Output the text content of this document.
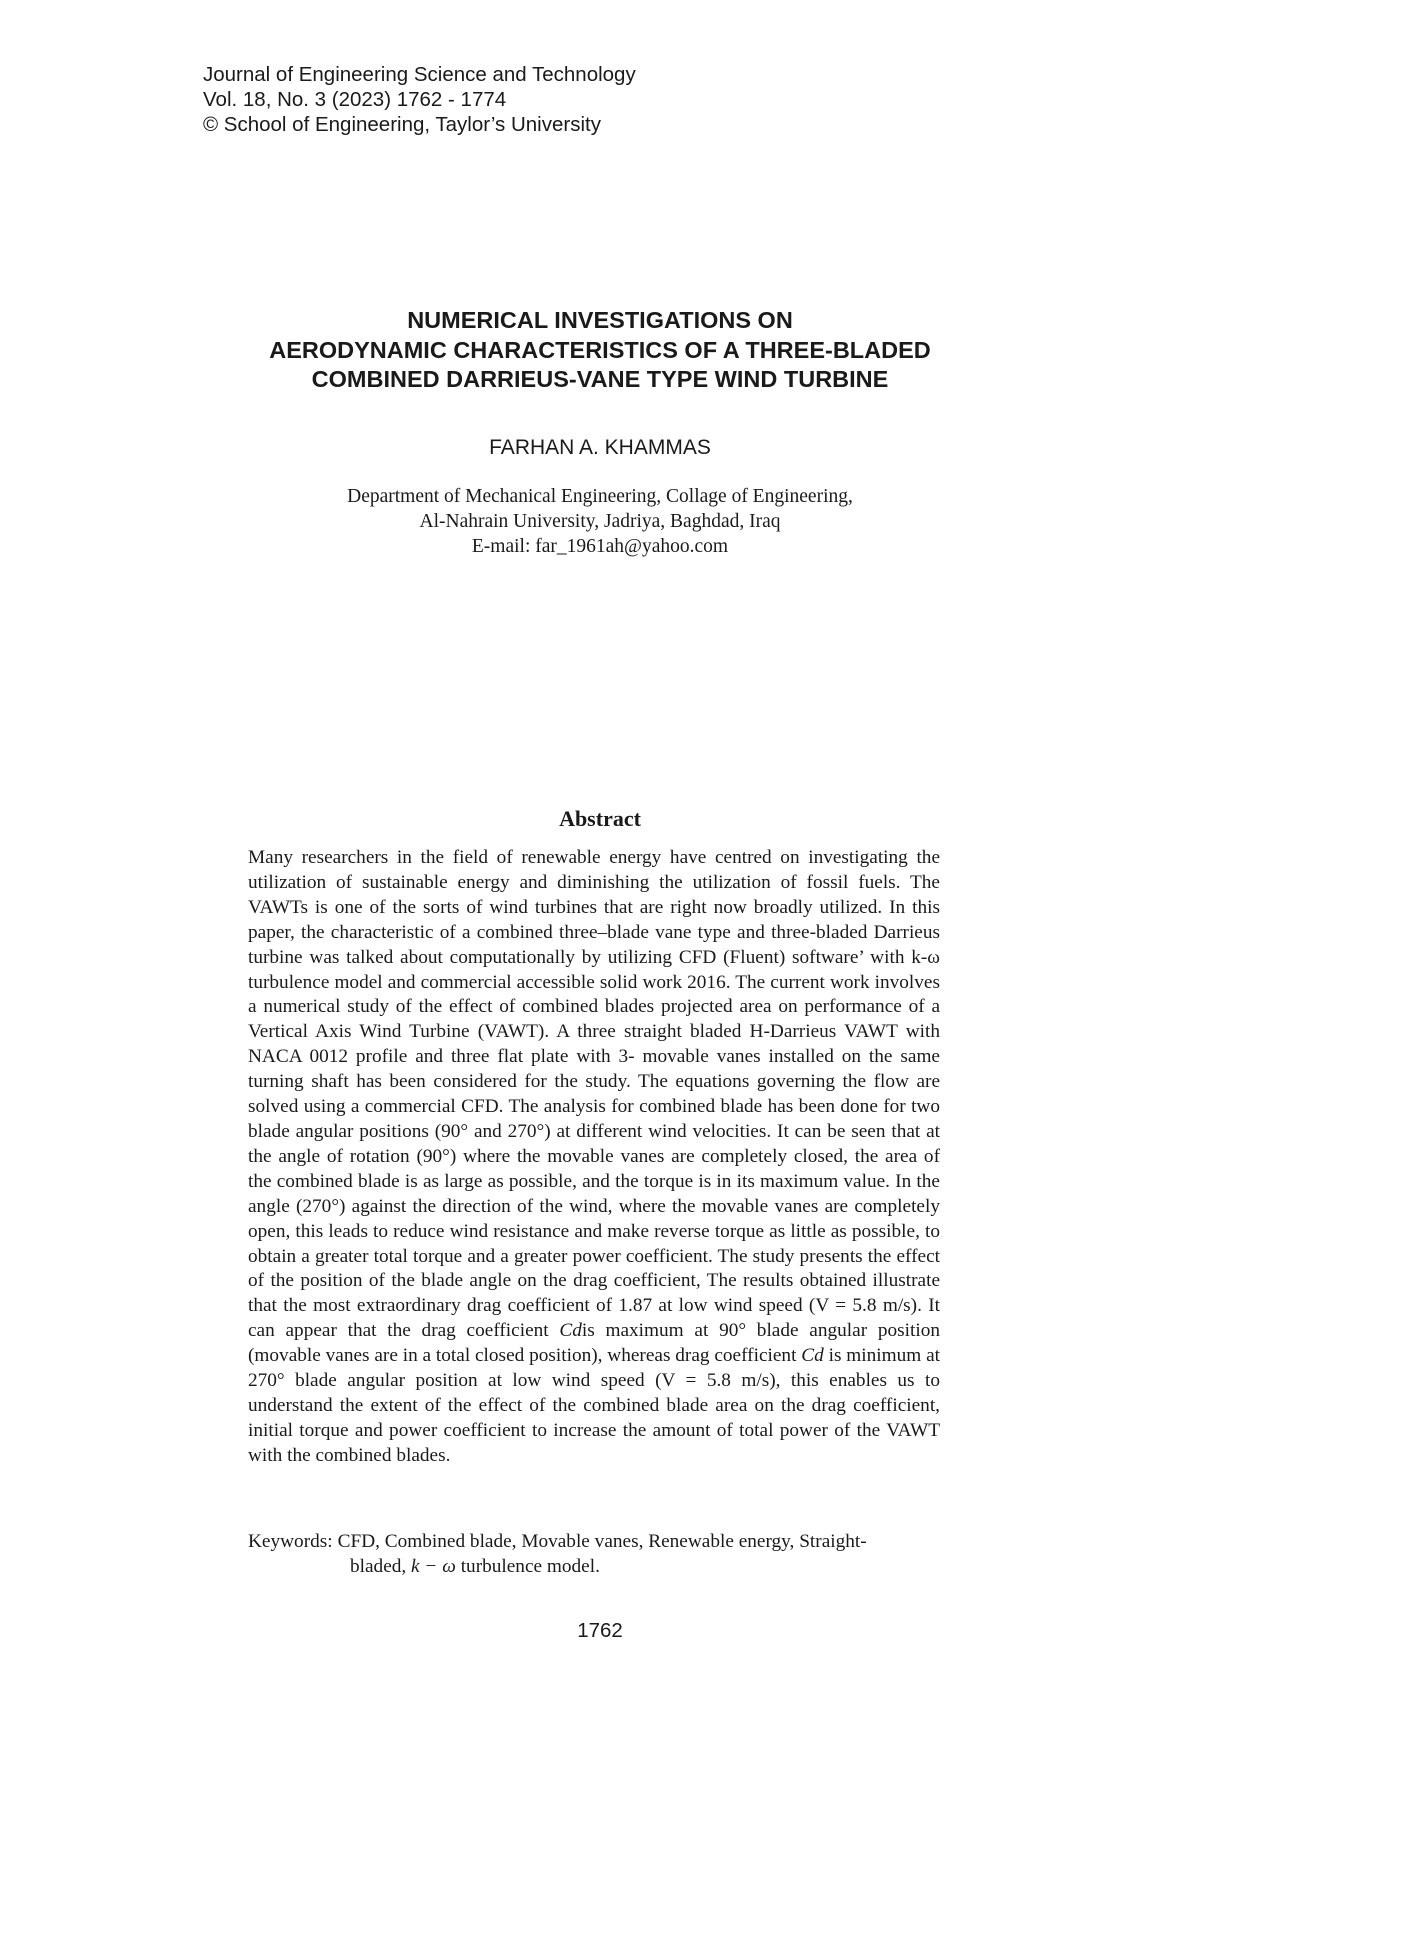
Journal of Engineering Science and Technology
Vol. 18, No. 3 (2023) 1762 - 1774
© School of Engineering, Taylor’s University
NUMERICAL INVESTIGATIONS ON
AERODYNAMIC CHARACTERISTICS OF A THREE-BLADED
COMBINED DARRIEUS-VANE TYPE WIND TURBINE
FARHAN A. KHAMMAS
Department of Mechanical Engineering, Collage of Engineering,
Al-Nahrain University, Jadriya, Baghdad, Iraq
E-mail: far_1961ah@yahoo.com
Abstract
Many researchers in the field of renewable energy have centred on investigating the utilization of sustainable energy and diminishing the utilization of fossil fuels. The VAWTs is one of the sorts of wind turbines that are right now broadly utilized. In this paper, the characteristic of a combined three–blade vane type and three-bladed Darrieus turbine was talked about computationally by utilizing CFD (Fluent) software’ with k-ω turbulence model and commercial accessible solid work 2016. The current work involves a numerical study of the effect of combined blades projected area on performance of a Vertical Axis Wind Turbine (VAWT). A three straight bladed H-Darrieus VAWT with NACA 0012 profile and three flat plate with 3- movable vanes installed on the same turning shaft has been considered for the study. The equations governing the flow are solved using a commercial CFD. The analysis for combined blade has been done for two blade angular positions (90° and 270°) at different wind velocities. It can be seen that at the angle of rotation (90°) where the movable vanes are completely closed, the area of the combined blade is as large as possible, and the torque is in its maximum value. In the angle (270°) against the direction of the wind, where the movable vanes are completely open, this leads to reduce wind resistance and make reverse torque as little as possible, to obtain a greater total torque and a greater power coefficient. The study presents the effect of the position of the blade angle on the drag coefficient, The results obtained illustrate that the most extraordinary drag coefficient of 1.87 at low wind speed (V = 5.8 m/s). It can appear that the drag coefficient Cdis maximum at 90° blade angular position (movable vanes are in a total closed position), whereas drag coefficient Cd is minimum at 270° blade angular position at low wind speed (V = 5.8 m/s), this enables us to understand the extent of the effect of the combined blade area on the drag coefficient, initial torque and power coefficient to increase the amount of total power of the VAWT with the combined blades.
Keywords: CFD, Combined blade, Movable vanes, Renewable energy, Straight-
bladed, k − ω turbulence model.
1762
